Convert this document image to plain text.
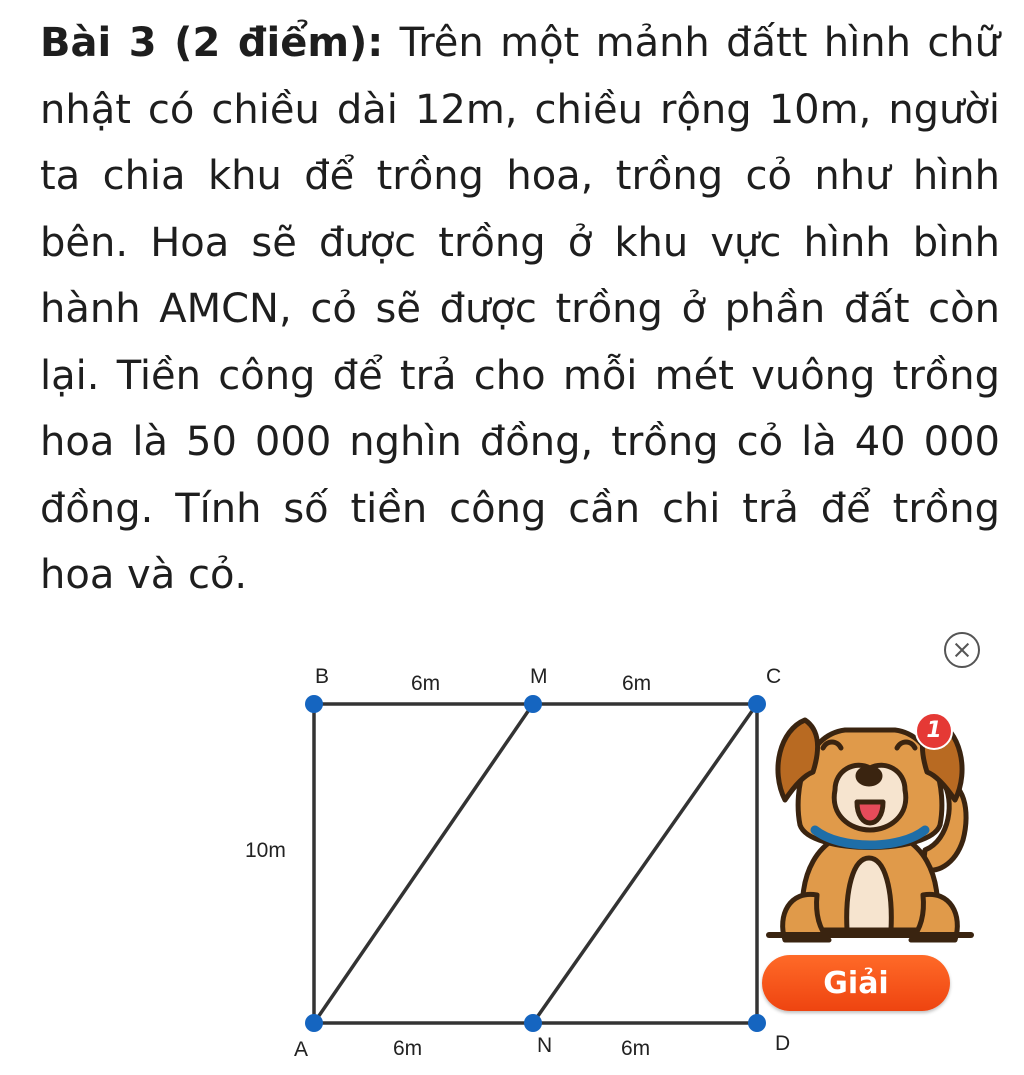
Bài 3 (2 điểm): Trên một mảnh đấtt hình chữ nhật có chiều dài 12m, chiều rộng 10m, người ta chia khu để trồng hoa, trồng cỏ như hình bên. Hoa sẽ được trồng ở khu vực hình bình hành AMCN, cỏ sẽ được trồng ở phần đất còn lại. Tiền công để trả cho mỗi mét vuông trồng hoa là 50 000 nghìn đồng, trồng cỏ là 40 000 đồng. Tính số tiền công cần chi trả để trồng hoa và cỏ.

B	M	C
A	N	D
6m	6m
6m	6m
10m
1
Giải
